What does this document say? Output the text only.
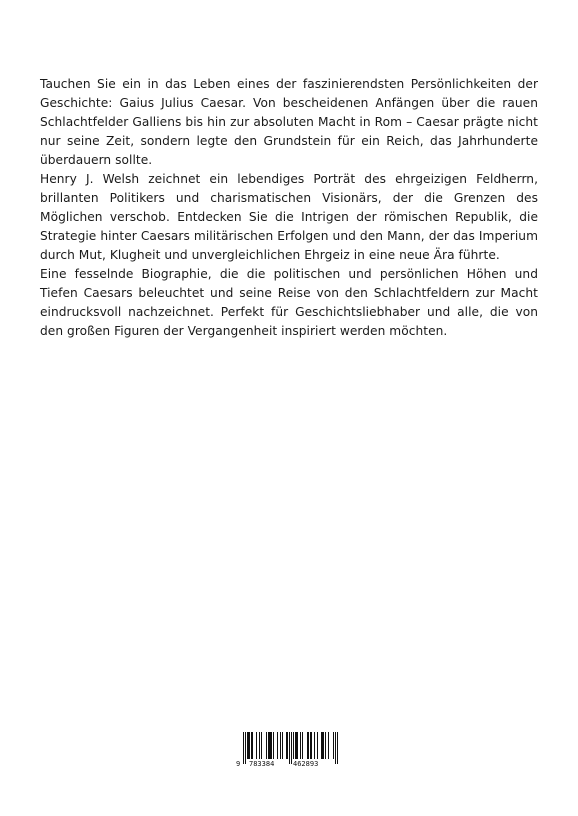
Tauchen Sie ein in das Leben eines der faszinierendsten Persönlichkeiten der Geschichte: Gaius Julius Caesar. Von bescheidenen Anfängen über die rauen Schlachtfelder Galliens bis hin zur absoluten Macht in Rom – Caesar prägte nicht nur seine Zeit, sondern legte den Grundstein für ein Reich, das Jahrhunderte überdauern sollte.

Henry J. Welsh zeichnet ein lebendiges Porträt des ehrgeizigen Feldherrn, brillanten Politikers und charismatischen Visionärs, der die Grenzen des Möglichen verschob. Entdecken Sie die Intrigen der römischen Republik, die Strategie hinter Caesars militärischen Erfolgen und den Mann, der das Imperium durch Mut, Klugheit und unvergleichlichen Ehrgeiz in eine neue Ära führte.

Eine fesselnde Biographie, die die politischen und persönlichen Höhen und Tiefen Caesars beleuchtet und seine Reise von den Schlachtfeldern zur Macht eindrucksvoll nachzeichnet. Perfekt für Geschichtsliebhaber und alle, die von den großen Figuren der Vergangenheit inspiriert werden möchten.

9 783384	462893
